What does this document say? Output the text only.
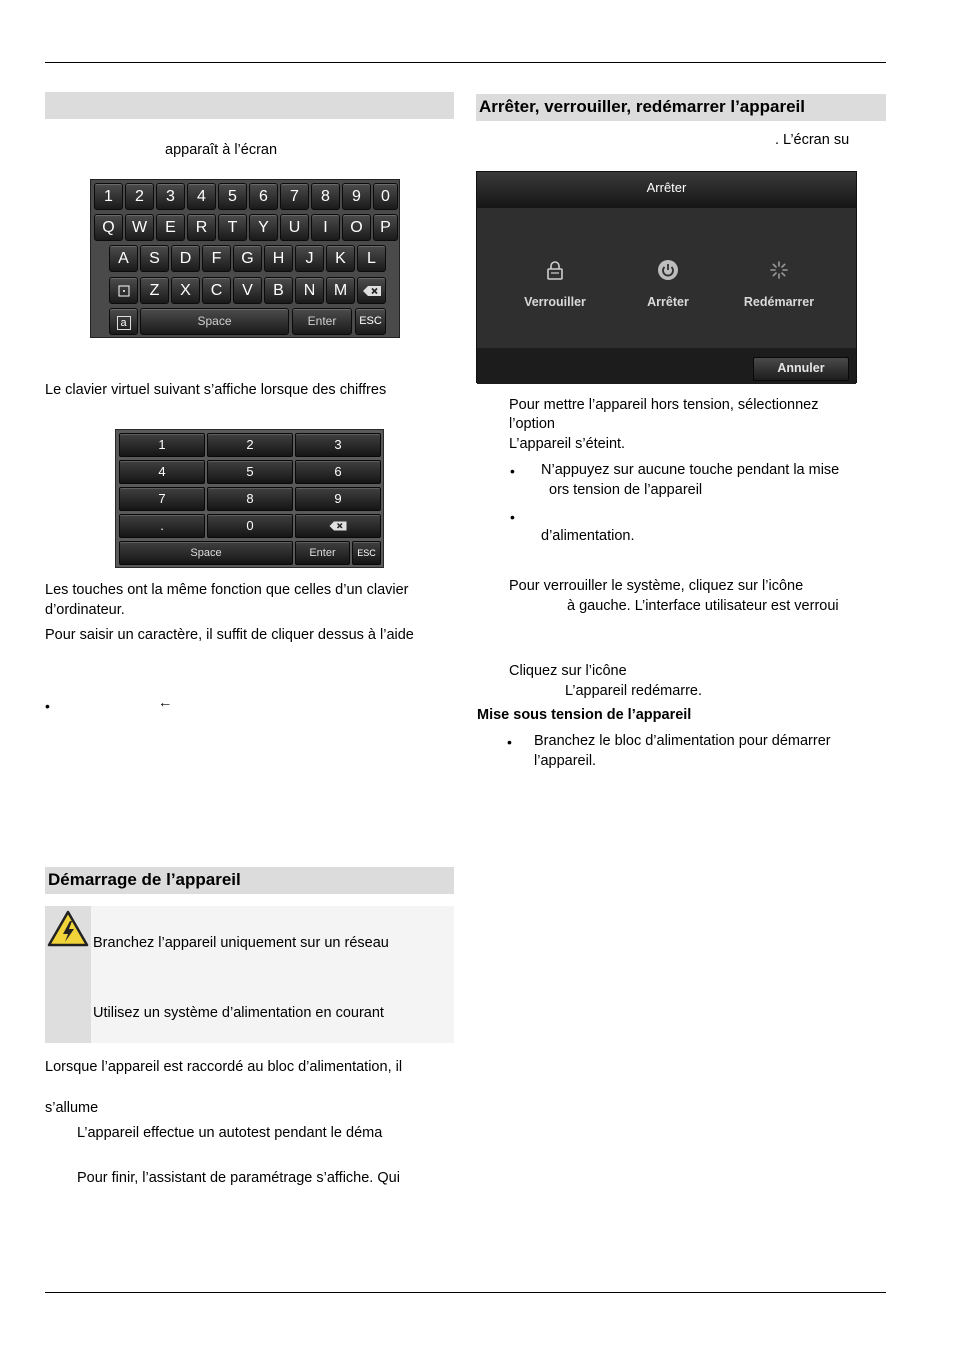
apparaît à l’écran
1	2	3	4	5	6	7	8	9	0
Q	W	E	R	T	Y	U	I	O	P
A	S	D	F	G	H	J	K	L
Z	X	C	V	B	N	M
a	Space	Enter	ESC
Le clavier virtuel suivant s’affiche lorsque des chiffres
1	2	3
4	5	6
7	8	9
.	0
Space	Enter	ESC
Les touches ont la même fonction que celles d’un clavier
d’ordinateur.
Pour saisir un caractère, il suffit de cliquer dessus à l’aide
•	←
Démarrage de l’appareil
Branchez l’appareil uniquement sur un réseau
Utilisez un système d’alimentation en courant
Lorsque l’appareil est raccordé au bloc d’alimentation, il
s’allume
L’appareil effectue un autotest pendant le déma
Pour finir, l’assistant de paramétrage s’affiche. Qui
Arrêter, verrouiller, redémarrer l’appareil
. L’écran su
Arrêter
Verrouiller	Arrêter	Redémarrer
Annuler
Pour mettre l’appareil hors tension, sélectionnez
l’option
L’appareil s’éteint.
• N’appuyez sur aucune touche pendant la mise
ors tension de l’appareil
•
d’alimentation.
Pour verrouiller le système, cliquez sur l’icône
à gauche. L’interface utilisateur est verroui
Cliquez sur l’icône
L’appareil redémarre.
Mise sous tension de l’appareil
• Branchez le bloc d’alimentation pour démarrer
l’appareil.
